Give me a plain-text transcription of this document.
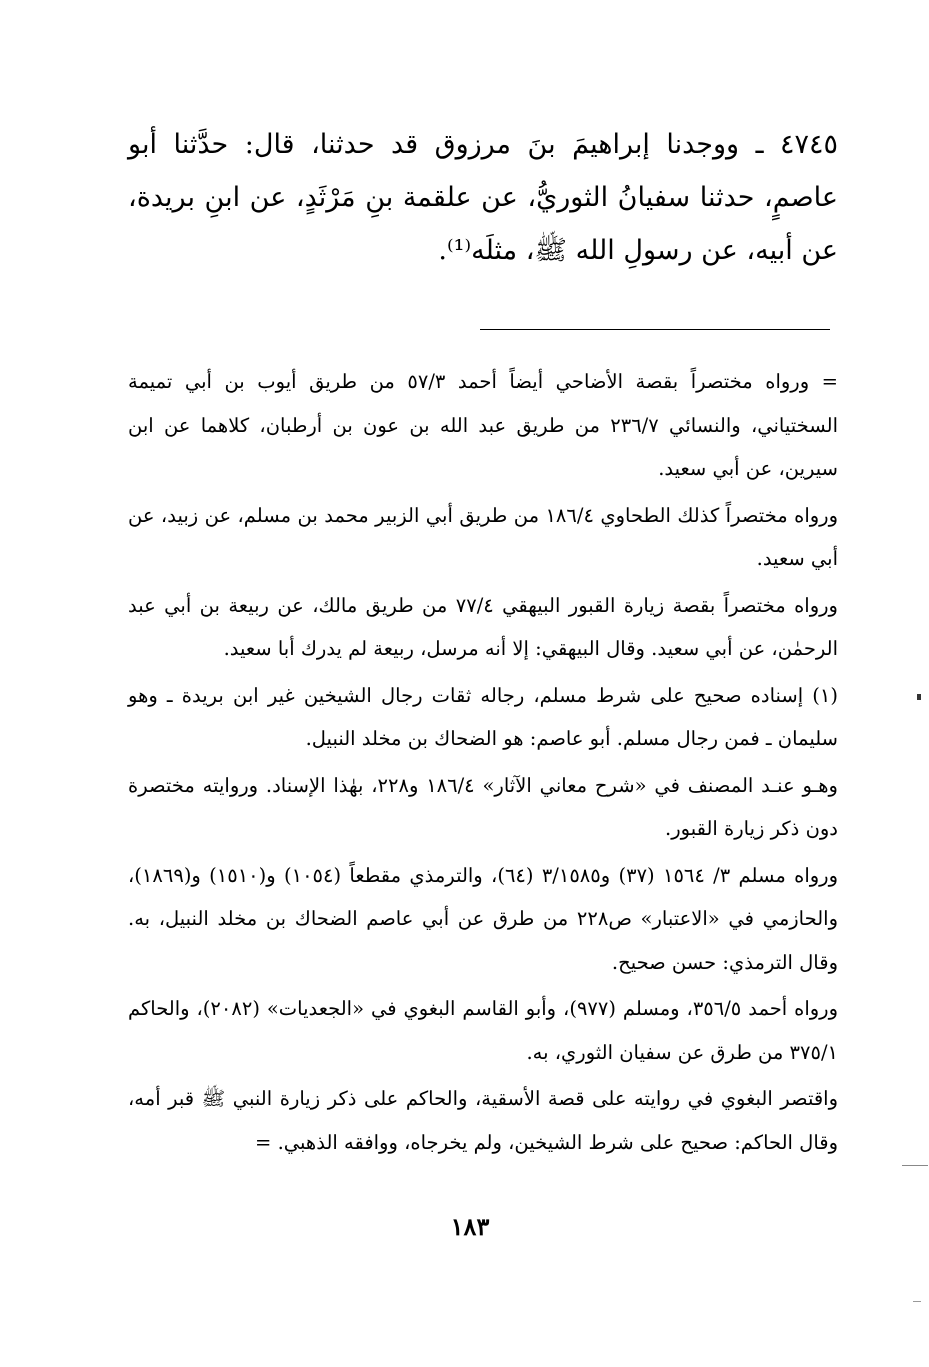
٤٧٤٥ ـ ووجدنا إبراهيمَ بنَ مرزوق قد حدثنا، قال: حدَّثنا أبو عاصمٍ، حدثنا سفيانُ الثوريُّ، عن علقمة بنِ مَرْثَدٍ، عن ابنِ بريدة، عن أبيه، عن رسولِ الله ﷺ، مثلَه⁽¹⁾.

= ورواه مختصراً بقصة الأضاحي أيضاً أحمد ٥٧/٣ من طريق أيوب بن أبي تميمة السختياني، والنسائي ٢٣٦/٧ من طريق عبد الله بن عون بن أرطبان، كلاهما عن ابن سيرين، عن أبي سعيد.

ورواه مختصراً كذلك الطحاوي ١٨٦/٤ من طريق أبي الزبير محمد بن مسلم، عن زبيد، عن أبي سعيد.

ورواه مختصراً بقصة زيارة القبور البيهقي ٧٧/٤ من طريق مالك، عن ربيعة بن أبي عبد الرحمٰن، عن أبي سعيد. وقال البيهقي: إلا أنه مرسل، ربيعة لم يدرك أبا سعيد.

(١) إسناده صحيح على شرط مسلم، رجاله ثقات رجال الشيخين غير ابن بريدة ـ وهو سليمان ـ فمن رجال مسلم. أبو عاصم: هو الضحاك بن مخلد النبيل.

وهـو عنـد المصنف في «شرح معاني الآثار» ١٨٦/٤ و٢٢٨، بهٰذا الإسناد. وروايته مختصرة دون ذكر زيارة القبور.

ورواه مسلم ٣/ ١٥٦٤ (٣٧) و٣/١٥٨٥ (٦٤)، والترمذي مقطعاً (١٠٥٤) و(١٥١٠) و(١٨٦٩)، والحازمي في «الاعتبار» ص٢٢٨ من طرق عن أبي عاصم الضحاك بن مخلد النبيل، به. وقال الترمذي: حسن صحيح.

ورواه أحمد ٣٥٦/٥، ومسلم (٩٧٧)، وأبو القاسم البغوي في «الجعديات» (٢٠٨٢)، والحاكم ٣٧٥/١ من طرق عن سفيان الثوري، به.

واقتصر البغوي في روايته على قصة الأسقية، والحاكم على ذكر زيارة النبي ﷺ قبر أمه، وقال الحاكم: صحيح على شرط الشيخين، ولم يخرجاه، ووافقه الذهبي. =

١٨٣
